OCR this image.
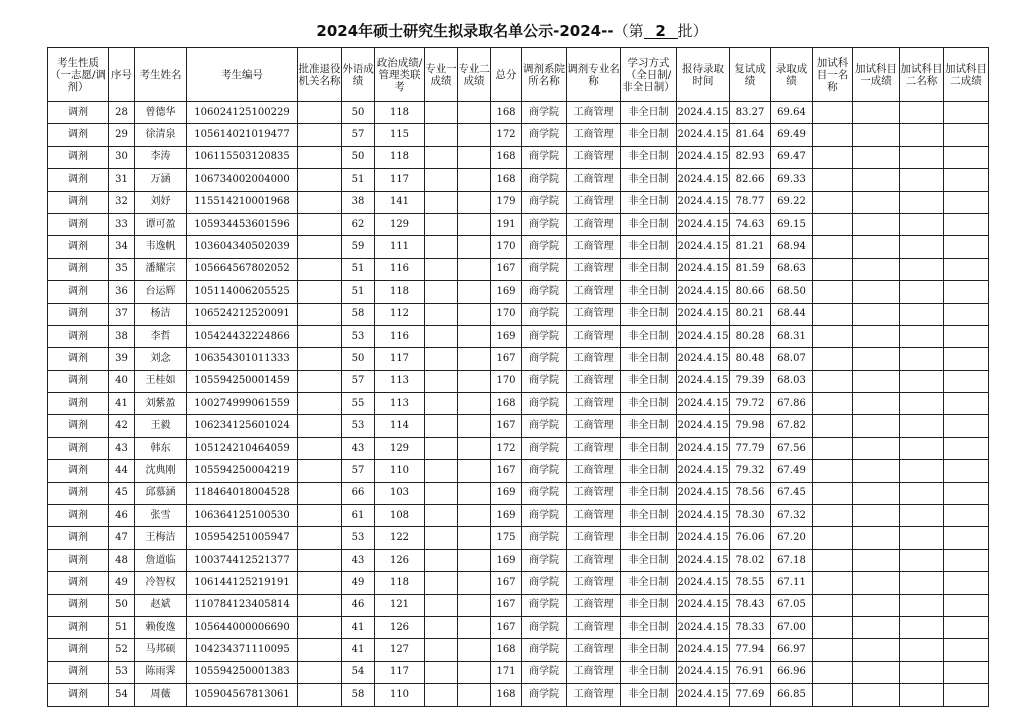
2024年硕士研究生拟录取名单公示-2024--（第 2 批）
考生性质（一志愿/调剂）	序号	考生姓名	考生编号	批准退役机关名称	外语成绩	政治成绩/管理类联考	专业一成绩	专业二成绩	总分	调剂系院所名称	调剂专业名称	学习方式（全日制/非全日制）	报待录取时间	复试成绩	录取成绩	加试科目一名称	加试科目一成绩	加试科目二名称	加试科目二成绩
调剂	28	曾德华	106024125100229		50	118			168	商学院	工商管理	非全日制	2024.4.15	83.27	69.64				
调剂	29	徐清泉	105614021019477		57	115			172	商学院	工商管理	非全日制	2024.4.15	81.64	69.49				
调剂	30	李涛	106115503120835		50	118			168	商学院	工商管理	非全日制	2024.4.15	82.93	69.47				
调剂	31	万涵	106734002004000		51	117			168	商学院	工商管理	非全日制	2024.4.15	82.66	69.33				
调剂	32	刘妤	115514210001968		38	141			179	商学院	工商管理	非全日制	2024.4.15	78.77	69.22				
调剂	33	谭可盈	105934453601596		62	129			191	商学院	工商管理	非全日制	2024.4.15	74.63	69.15				
调剂	34	韦逸帆	103604340502039		59	111			170	商学院	工商管理	非全日制	2024.4.15	81.21	68.94				
调剂	35	潘耀宗	105664567802052		51	116			167	商学院	工商管理	非全日制	2024.4.15	81.59	68.63				
调剂	36	台运辉	105114006205525		51	118			169	商学院	工商管理	非全日制	2024.4.15	80.66	68.50				
调剂	37	杨洁	106524212520091		58	112			170	商学院	工商管理	非全日制	2024.4.15	80.21	68.44				
调剂	38	李哲	105424432224866		53	116			169	商学院	工商管理	非全日制	2024.4.15	80.28	68.31				
调剂	39	刘念	106354301011333		50	117			167	商学院	工商管理	非全日制	2024.4.15	80.48	68.07				
调剂	40	王桂如	105594250001459		57	113			170	商学院	工商管理	非全日制	2024.4.15	79.39	68.03				
调剂	41	刘紫盈	100274999061559		55	113			168	商学院	工商管理	非全日制	2024.4.15	79.72	67.86				
调剂	42	王毅	106234125601024		53	114			167	商学院	工商管理	非全日制	2024.4.15	79.98	67.82				
调剂	43	韩东	105124210464059		43	129			172	商学院	工商管理	非全日制	2024.4.15	77.79	67.56				
调剂	44	沈典刚	105594250004219		57	110			167	商学院	工商管理	非全日制	2024.4.15	79.32	67.49				
调剂	45	邱慕涵	118464018004528		66	103			169	商学院	工商管理	非全日制	2024.4.15	78.56	67.45				
调剂	46	张雪	106364125100530		61	108			169	商学院	工商管理	非全日制	2024.4.15	78.30	67.32				
调剂	47	王梅洁	105954251005947		53	122			175	商学院	工商管理	非全日制	2024.4.15	76.06	67.20				
调剂	48	詹道临	100374412521377		43	126			169	商学院	工商管理	非全日制	2024.4.15	78.02	67.18				
调剂	49	冷智权	106144125219191		49	118			167	商学院	工商管理	非全日制	2024.4.15	78.55	67.11				
调剂	50	赵斌	110784123405814		46	121			167	商学院	工商管理	非全日制	2024.4.15	78.43	67.05				
调剂	51	赖俊逸	105644000006690		41	126			167	商学院	工商管理	非全日制	2024.4.15	78.33	67.00				
调剂	52	马邦硕	104234371110095		41	127			168	商学院	工商管理	非全日制	2024.4.15	77.94	66.97				
调剂	53	陈雨霁	105594250001383		54	117			171	商学院	工商管理	非全日制	2024.4.15	76.91	66.96				
调剂	54	周薇	105904567813061		58	110			168	商学院	工商管理	非全日制	2024.4.15	77.69	66.85				
